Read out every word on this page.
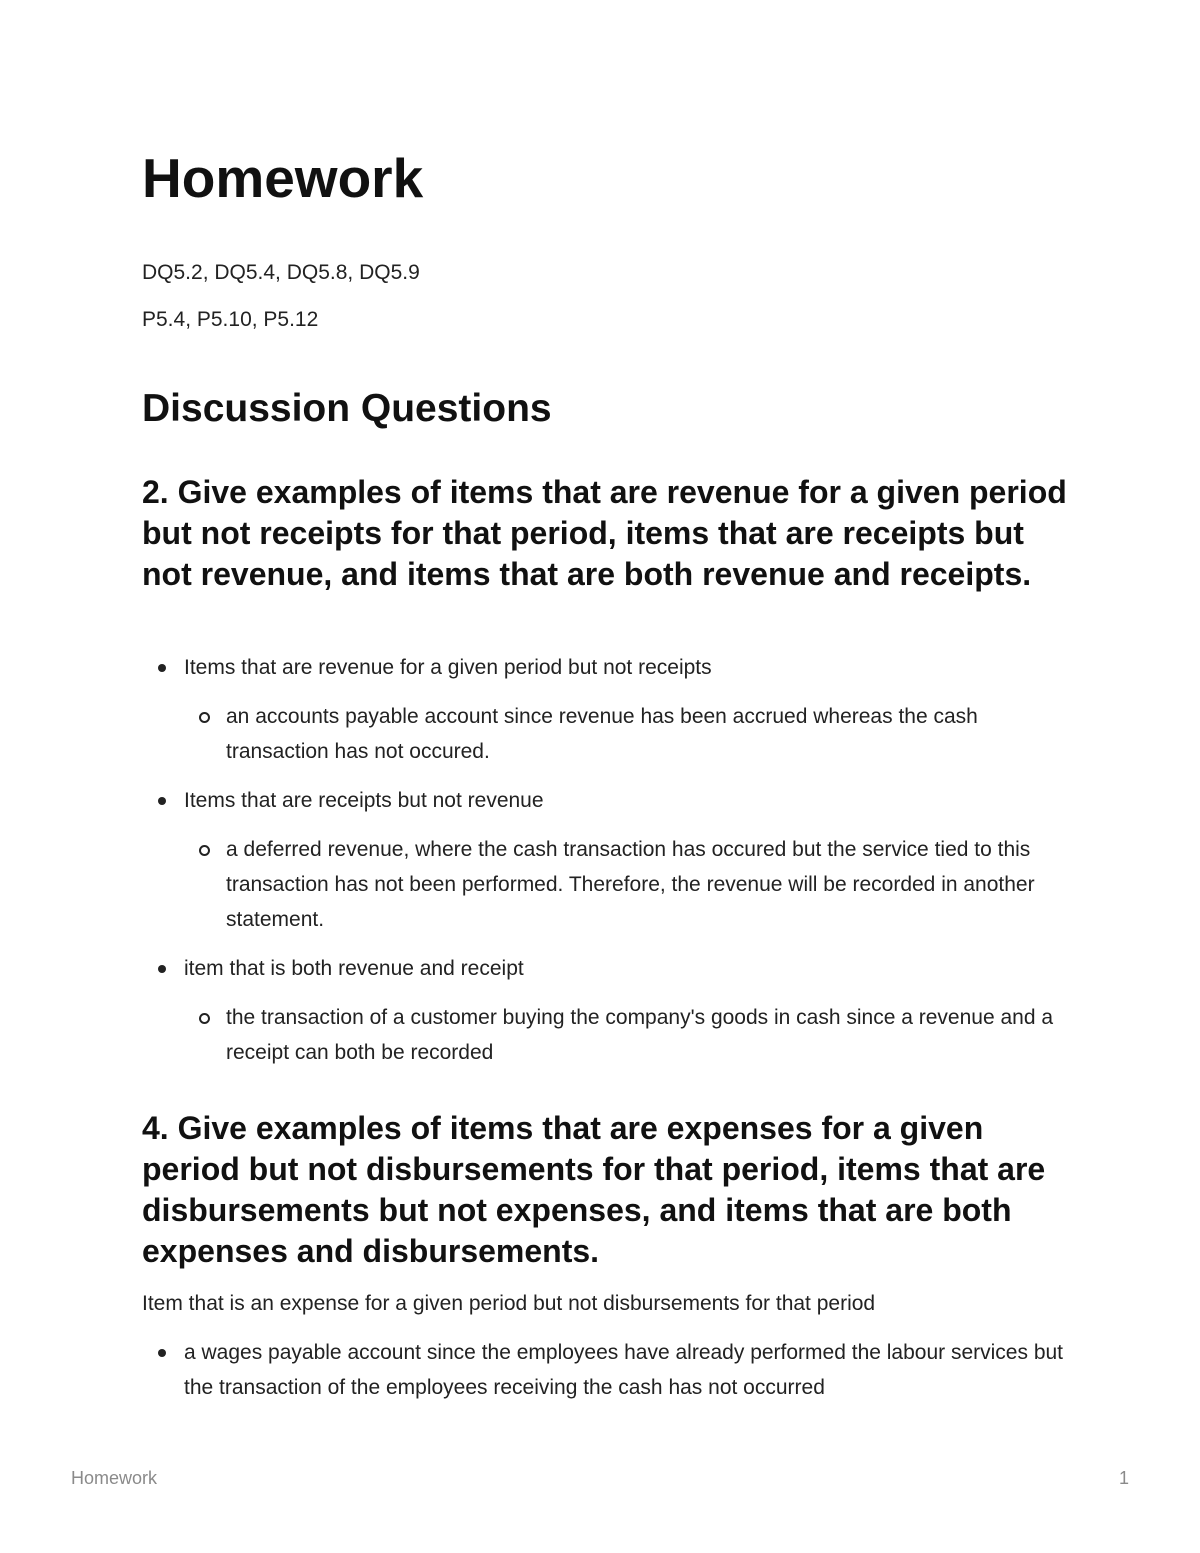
Homework

DQ5.2, DQ5.4, DQ5.8, DQ5.9

P5.4, P5.10, P5.12

Discussion Questions
2. Give examples of items that are revenue for a given period but not receipts for that period, items that are receipts but not revenue, and items that are both revenue and receipts.
Items that are revenue for a given period but not receipts
an accounts payable account since revenue has been accrued whereas the cash transaction has not occured.
Items that are receipts but not revenue
a deferred revenue, where the cash transaction has occured but the service tied to this transaction has not been performed. Therefore, the revenue will be recorded in another statement.
item that is both revenue and receipt
the transaction of a customer buying the company's goods in cash since a revenue and a receipt can both be recorded
4. Give examples of items that are expenses for a given period but not disbursements for that period, items that are disbursements but not expenses, and items that are both expenses and disbursements.

Item that is an expense for a given period but not disbursements for that period

a wages payable account since the employees have already performed the labour services but the transaction of the employees receiving the cash has not occurred

Homework	1
